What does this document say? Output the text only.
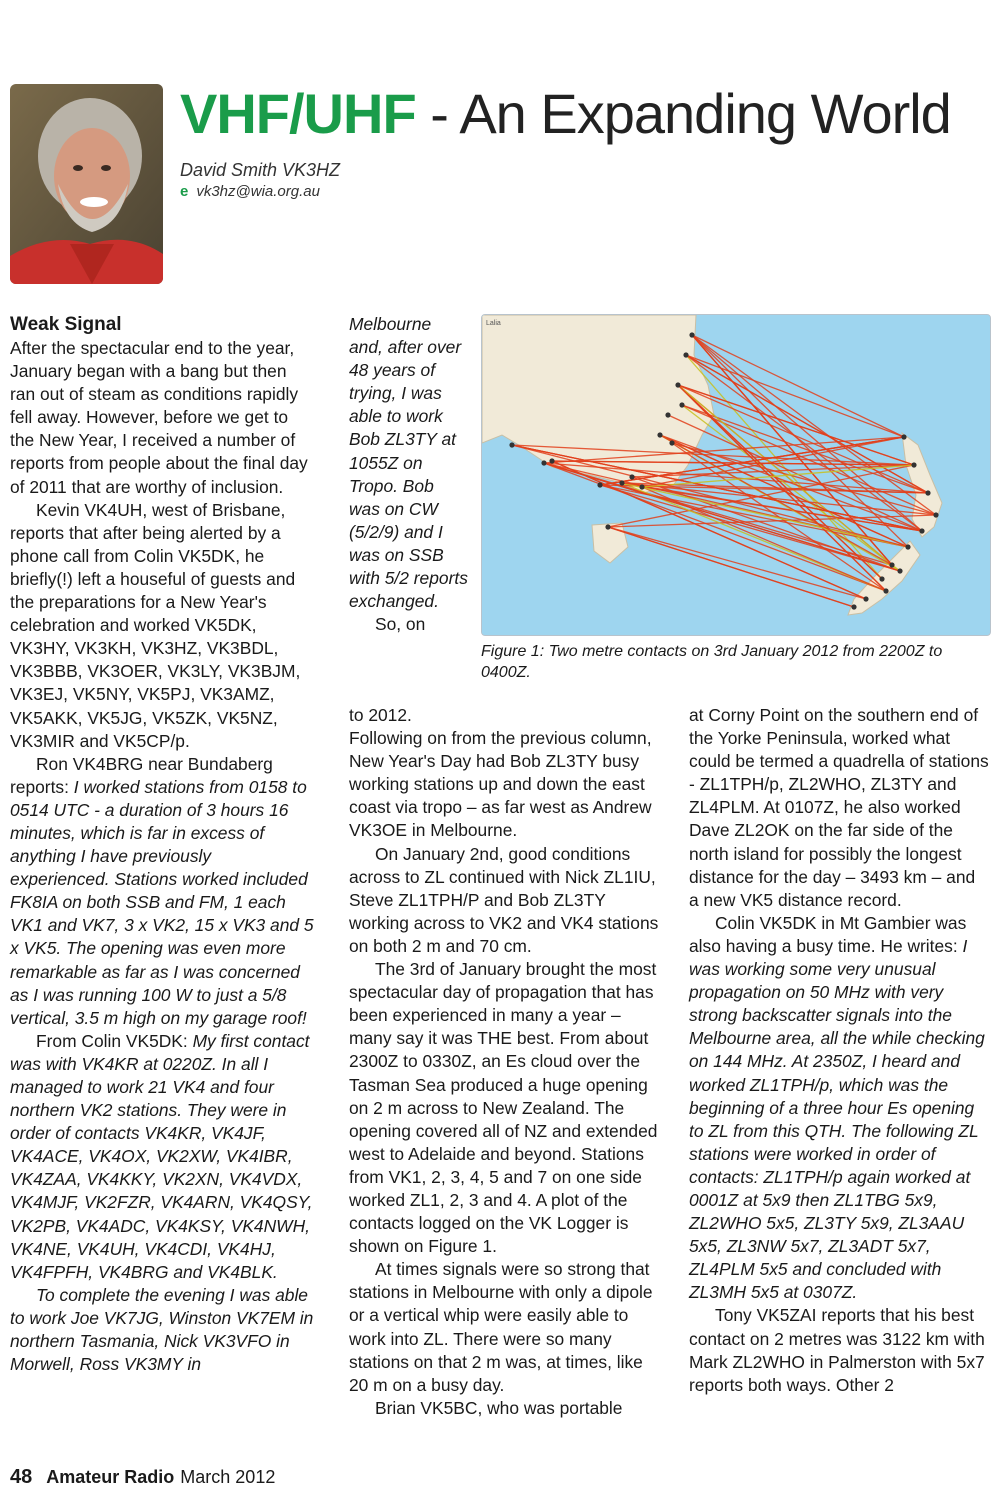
VHF/UHF - An Expanding World
David Smith VK3HZ
e vk3hz@wia.org.au
Weak Signal

After the spectacular end to the year, January began with a bang but then ran out of steam as conditions rapidly fell away. However, before we get to the New Year, I received a number of reports from people about the final day of 2011 that are worthy of inclusion.

Kevin VK4UH, west of Brisbane, reports that after being alerted by a phone call from Colin VK5DK, he briefly(!) left a houseful of guests and the preparations for a New Year's celebration and worked VK5DK, VK3HY, VK3KH, VK3HZ, VK3BDL, VK3BBB, VK3OER, VK3LY, VK3BJM, VK3EJ, VK5NY, VK5PJ, VK3AMZ, VK5AKK, VK5JG, VK5ZK, VK5NZ, VK3MIR and VK5CP/p.

Ron VK4BRG near Bundaberg reports: I worked stations from 0158 to 0514 UTC - a duration of 3 hours 16 minutes, which is far in excess of anything I have previously experienced. Stations worked included FK8IA on both SSB and FM, 1 each VK1 and VK7, 3 x VK2, 15 x VK3 and 5 x VK5. The opening was even more remarkable as far as I was concerned as I was running 100 W to just a 5/8 vertical, 3.5 m high on my garage roof!

From Colin VK5DK: My first contact was with VK4KR at 0220Z. In all I managed to work 21 VK4 and four northern VK2 stations. They were in order of contacts VK4KR, VK4JF, VK4ACE, VK4OX, VK2XW, VK4IBR, VK4ZAA, VK4KKY, VK2XN, VK4VDX, VK4MJF, VK2FZR, VK4ARN, VK4QSY, VK2PB, VK4ADC, VK4KSY, VK4NWH, VK4NE, VK4UH, VK4CDI, VK4HJ, VK4FPFH, VK4BRG and VK4BLK.

To complete the evening I was able to work Joe VK7JG, Winston VK7EM in northern Tasmania, Nick VK3VFO in Morwell, Ross VK3MY in

Melbourne and, after over 48 years of trying, I was able to work Bob ZL3TY at 1055Z on Tropo. Bob was on CW (5/2/9) and I was on SSB with 5/2 reports exchanged.

So, on

Lalia
Figure 1: Two metre contacts on 3rd January 2012 from 2200Z to 0400Z.

to 2012.

Following on from the previous column, New Year's Day had Bob ZL3TY busy working stations up and down the east coast via tropo – as far west as Andrew VK3OE in Melbourne.

On January 2nd, good conditions across to ZL continued with Nick ZL1IU, Steve ZL1TPH/P and Bob ZL3TY working across to VK2 and VK4 stations on both 2 m and 70 cm.

The 3rd of January brought the most spectacular day of propagation that has been experienced in many a year – many say it was THE best. From about 2300Z to 0330Z, an Es cloud over the Tasman Sea produced a huge opening on 2 m across to New Zealand. The opening covered all of NZ and extended west to Adelaide and beyond. Stations from VK1, 2, 3, 4, 5 and 7 on one side worked ZL1, 2, 3 and 4. A plot of the contacts logged on the VK Logger is shown on Figure 1.

At times signals were so strong that stations in Melbourne with only a dipole or a vertical whip were easily able to work into ZL. There were so many stations on that 2 m was, at times, like 20 m on a busy day.

Brian VK5BC, who was portable

at Corny Point on the southern end of the Yorke Peninsula, worked what could be termed a quadrella of stations - ZL1TPH/p, ZL2WHO, ZL3TY and ZL4PLM. At 0107Z, he also worked Dave ZL2OK on the far side of the north island for possibly the longest distance for the day – 3493 km – and a new VK5 distance record.

Colin VK5DK in Mt Gambier was also having a busy time. He writes: I was working some very unusual propagation on 50 MHz with very strong backscatter signals into the Melbourne area, all the while checking on 144 MHz. At 2350Z, I heard and worked ZL1TPH/p, which was the beginning of a three hour Es opening to ZL from this QTH. The following ZL stations were worked in order of contacts: ZL1TPH/p again worked at 0001Z at 5x9 then ZL1TBG 5x9, ZL2WHO 5x5, ZL3TY 5x9, ZL3AAU 5x5, ZL3NW 5x7, ZL3ADT 5x7, ZL4PLM 5x5 and concluded with ZL3MH 5x5 at 0307Z.

Tony VK5ZAI reports that his best contact on 2 metres was 3122 km with Mark ZL2WHO in Palmerston with 5x7 reports both ways. Other 2

48 Amateur Radio March 2012
